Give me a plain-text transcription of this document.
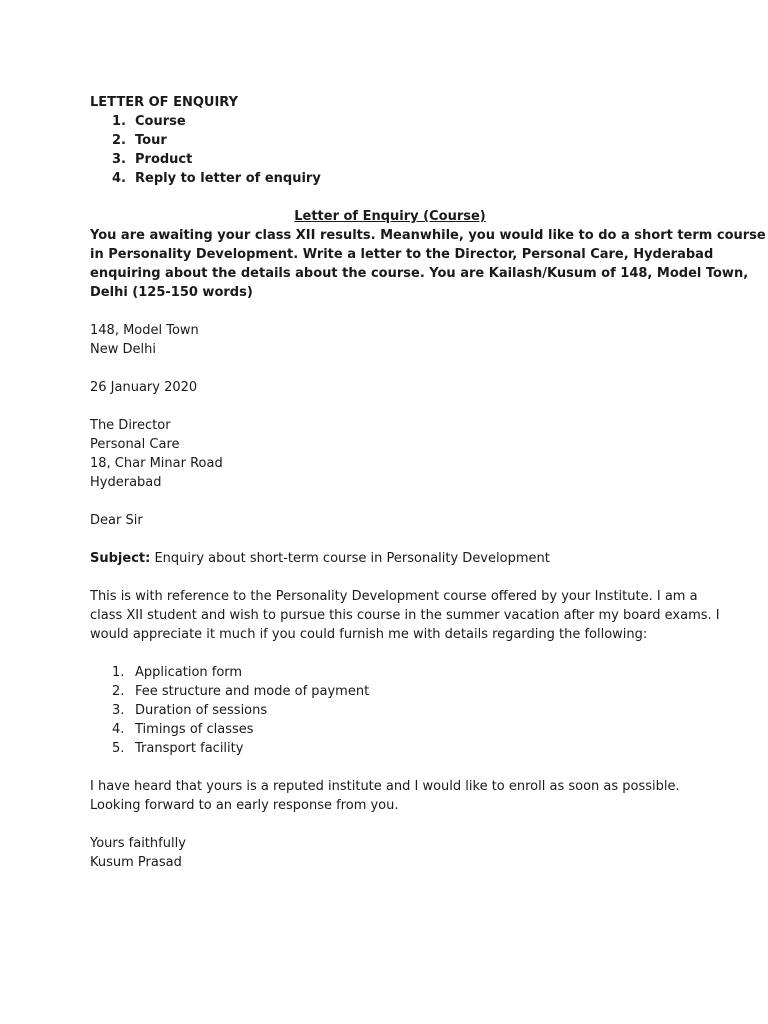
LETTER OF ENQUIRY
1. Course
2. Tour
3. Product
4. Reply to letter of enquiry
Letter of Enquiry (Course)
You are awaiting your class XII results. Meanwhile, you would like to do a short term course
in Personality Development. Write a letter to the Director, Personal Care, Hyderabad
enquiring about the details about the course. You are Kailash/Kusum of 148, Model Town,
Delhi (125-150 words)
148, Model Town
New Delhi
26 January 2020
The Director
Personal Care
18, Char Minar Road
Hyderabad
Dear Sir
Subject: Enquiry about short-term course in Personality Development
This is with reference to the Personality Development course offered by your Institute. I am a
class XII student and wish to pursue this course in the summer vacation after my board exams. I
would appreciate it much if you could furnish me with details regarding the following:
1. Application form
2. Fee structure and mode of payment
3. Duration of sessions
4. Timings of classes
5. Transport facility
I have heard that yours is a reputed institute and I would like to enroll as soon as possible.
Looking forward to an early response from you.
Yours faithfully
Kusum Prasad
